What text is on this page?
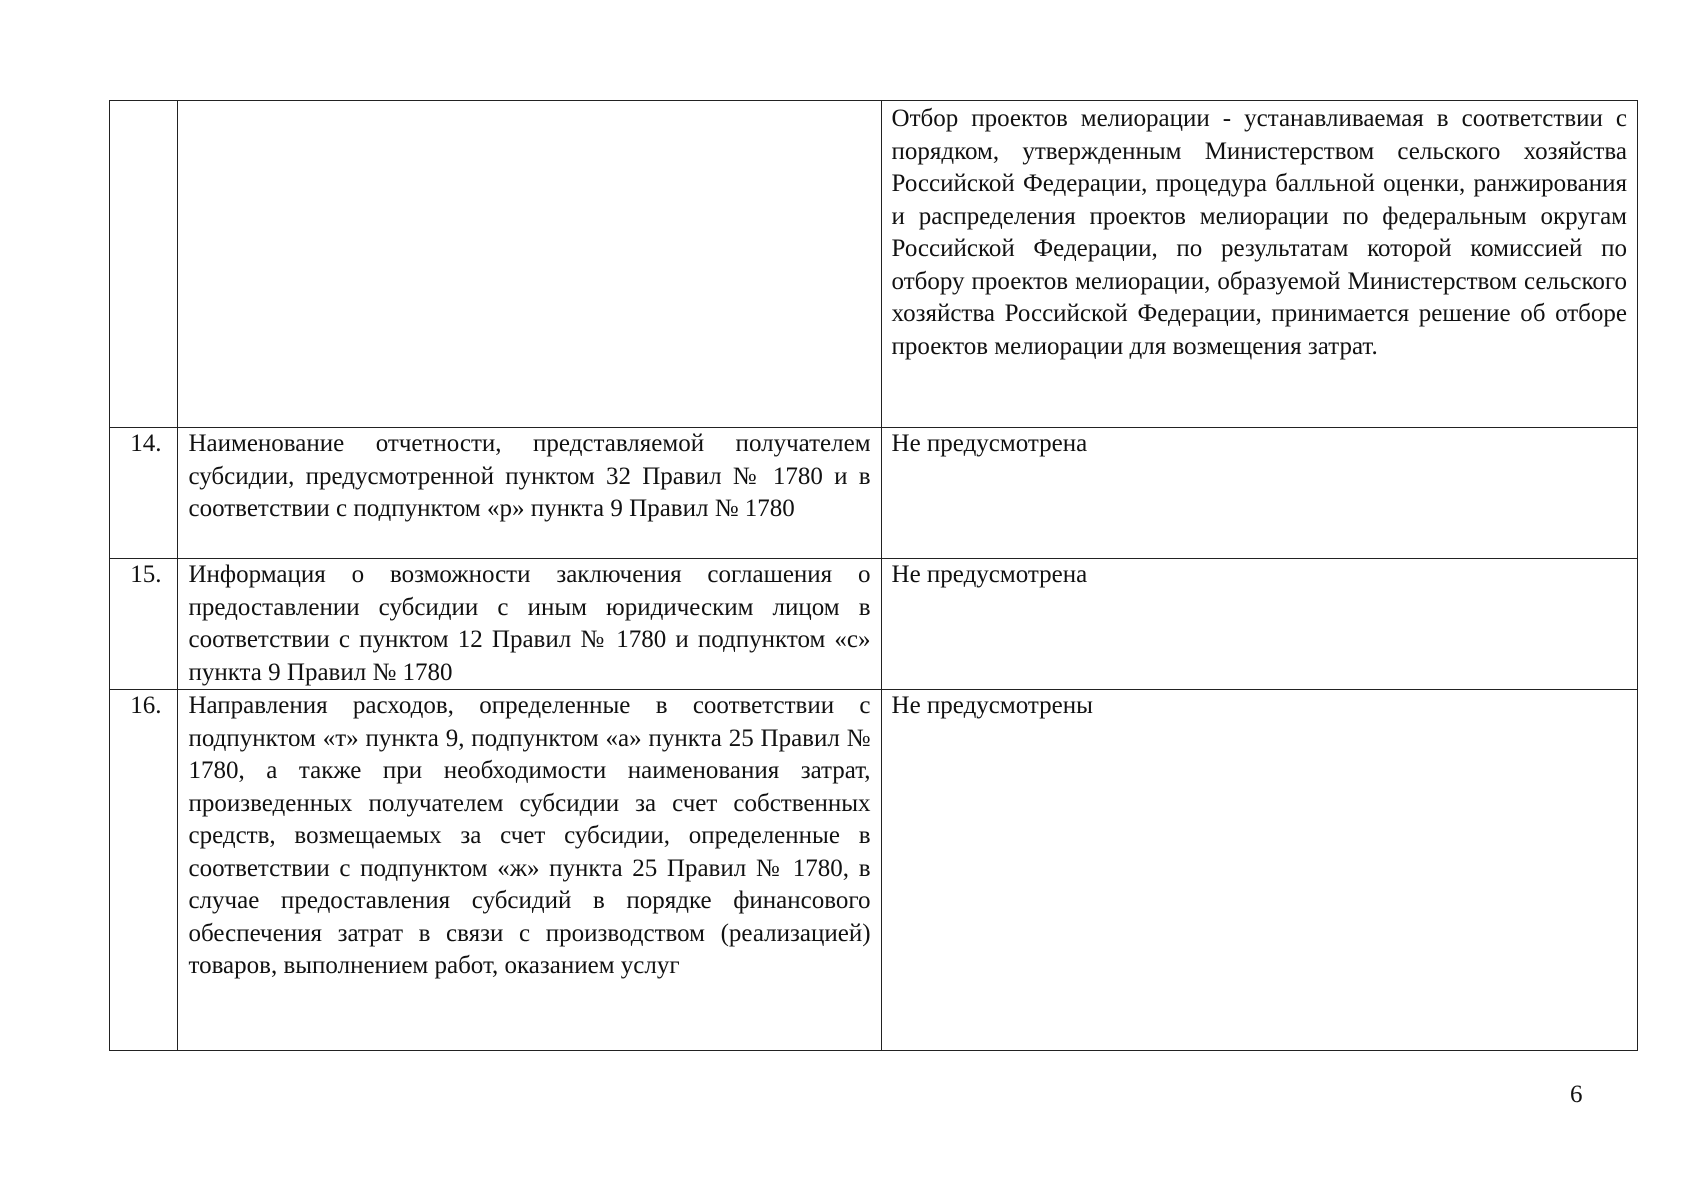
		Отбор проектов мелиорации - устанавливаемая в соответствии с порядком, утвержденным Министерством сельского хозяйства Российской Федерации, процедура балльной оценки, ранжирования и распределения проектов мелиорации по федеральным округам Российской Федерации, по результатам которой комиссией по отбору проектов мелиорации, образуемой Министерством сельского хозяйства Российской Федерации, принимается решение об отборе проектов мелиорации для возмещения затрат.
14.	Наименование отчетности, представляемой получателем субсидии, предусмотренной пунктом 32 Правил № 1780 и в соответствии с подпунктом «р» пункта 9 Правил № 1780	Не предусмотрена
15.	Информация о возможности заключения соглашения о предоставлении субсидии с иным юридическим лицом в соответствии с пунктом 12 Правил № 1780 и подпунктом «с» пункта 9 Правил № 1780	Не предусмотрена
16.	Направления расходов, определенные в соответствии с подпунктом «т» пункта 9, подпунктом «а» пункта 25 Правил № 1780, а также при необходимости наименования затрат, произведенных получателем субсидии за счет собственных средств, возмещаемых за счет субсидии, определенные в соответствии с подпунктом «ж» пункта 25 Правил № 1780, в случае предоставления субсидий в порядке финансового обеспечения затрат в связи с производством (реализацией) товаров, выполнением работ, оказанием услуг	Не предусмотрены
6
